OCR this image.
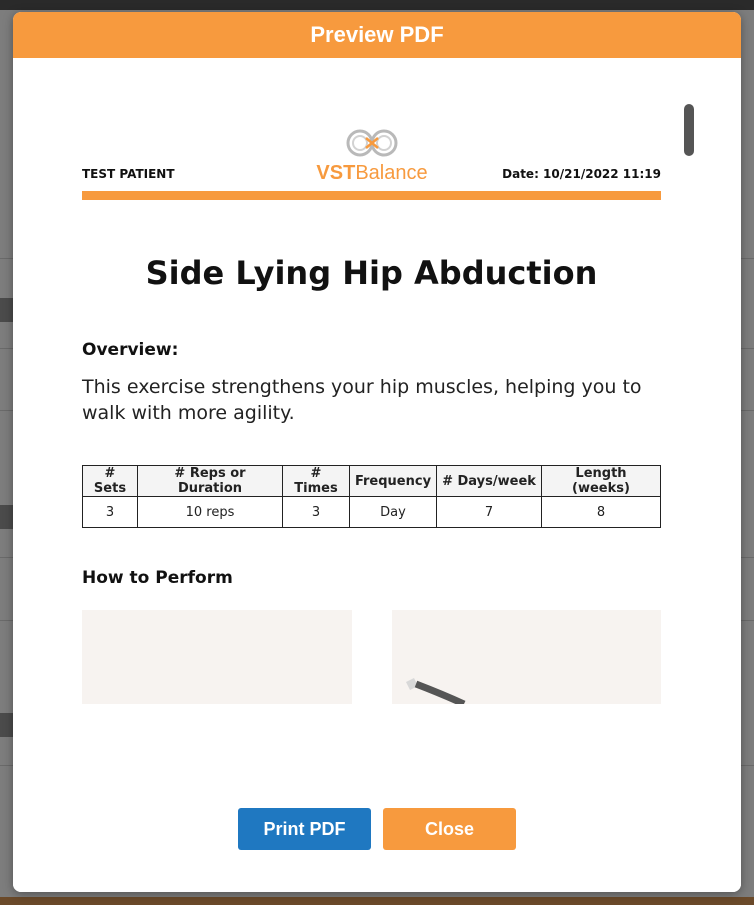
Preview PDF
TEST PATIENT	VSTBalance	Date: 10/21/2022 11:19
Side Lying Hip Abduction
Overview:
This exercise strengthens your hip muscles, helping you to walk with more agility.
# Sets	# Reps or Duration	# Times	Frequency	# Days/week	Length (weeks)
3	10 reps	3	Day	7	8
How to Perform
Print PDF	Close
